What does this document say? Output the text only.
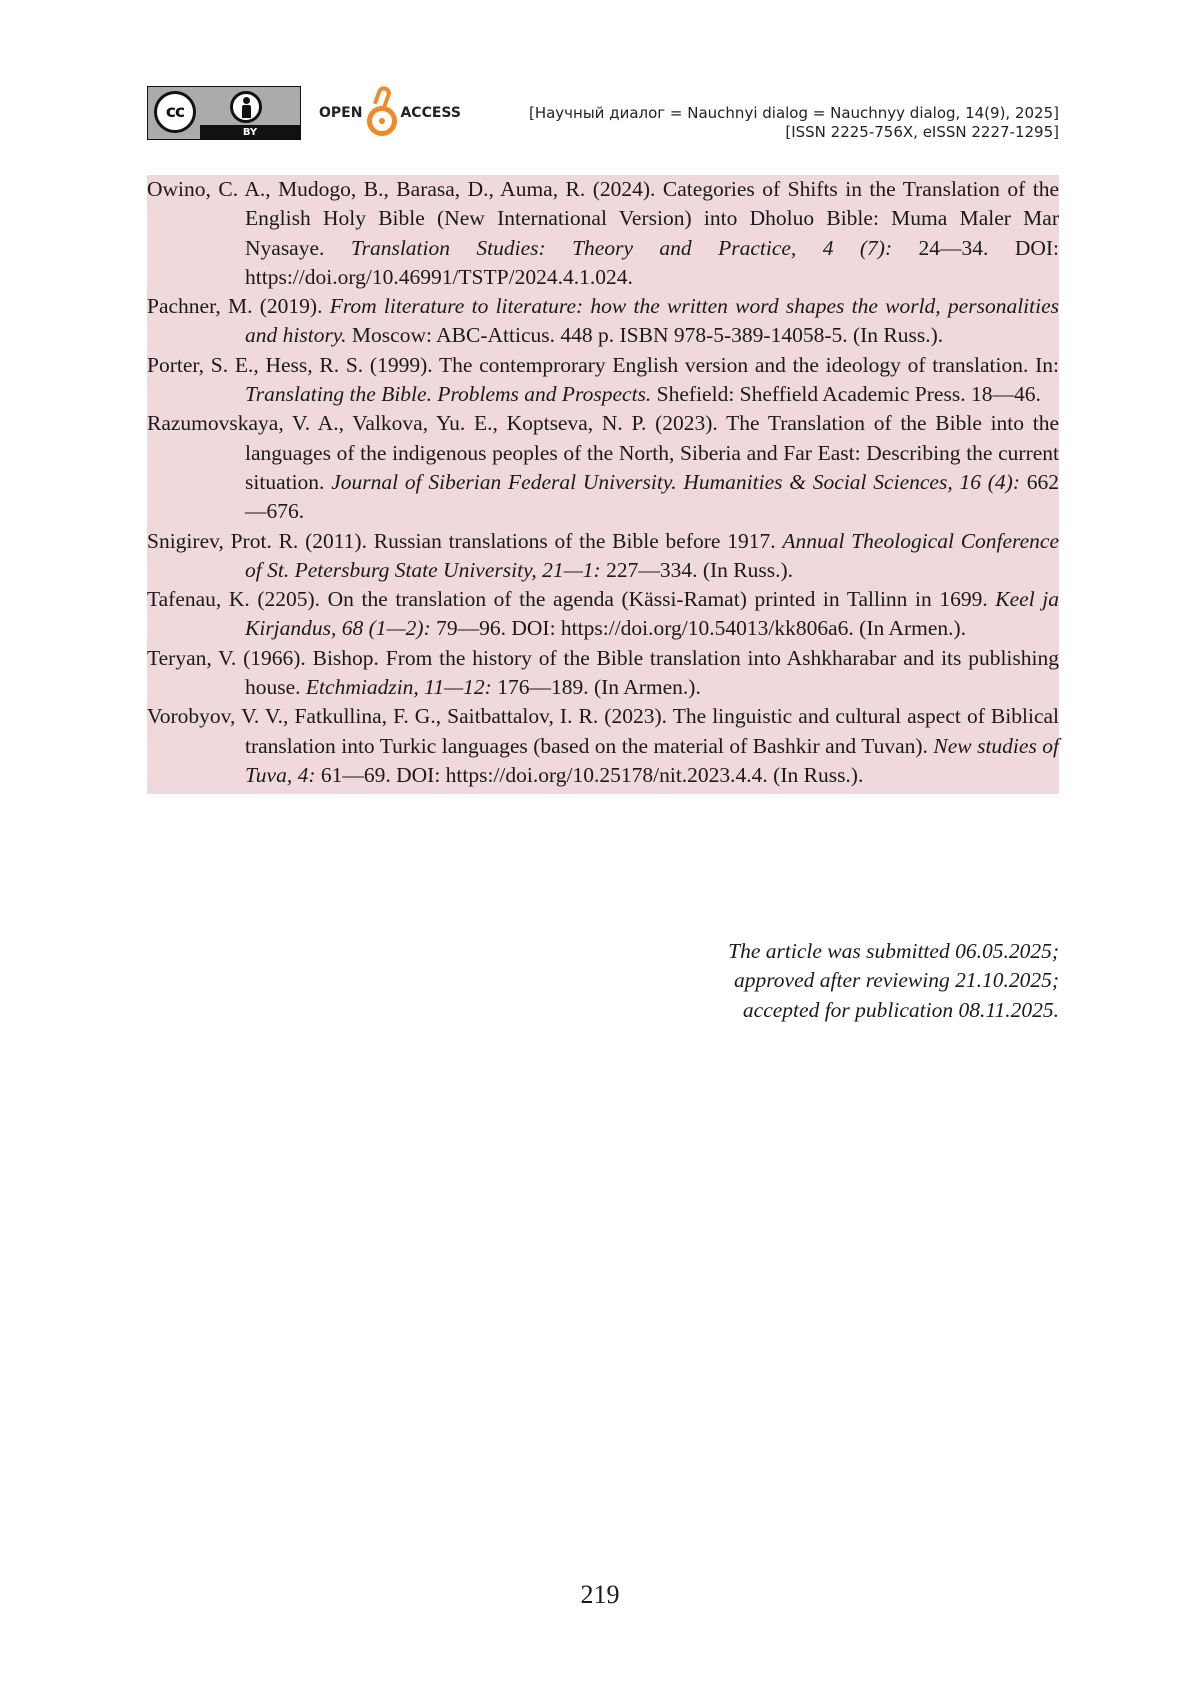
cc
BY
OPEN	ACCESS	[Научный диалог = Nauchnyi dialog = Nauchnyy dialog, 14(9), 2025]
[ISSN 2225-756X, eISSN 2227-1295]

Owino, C. A., Mudogo, B., Barasa, D., Auma, R. (2024). Categories of Shifts in the Translation of the English Holy Bible (New International Version) into Dholuo Bible: Muma Maler Mar Nyasaye. Translation Studies: Theory and Practice, 4 (7): 24—34. DOI: https://doi.org/10.46991/TSTP/2024.4.1.024.

Pachner, M. (2019). From literature to literature: how the written word shapes the world, personalities and history. Moscow: ABC-Atticus. 448 p. ISBN 978-5-389-14058-5. (In Russ.).

Porter, S. E., Hess, R. S. (1999). The contemprorary English version and the ideology of translation. In: Translating the Bible. Problems and Prospects. Shefield: Sheffield Academic Press. 18—46.

Razumovskaya, V. A., Valkova, Yu. E., Koptseva, N. P. (2023). The Translation of the Bible into the languages of the indigenous peoples of the North, Siberia and Far East: Describing the current situation. Journal of Siberian Federal University. Humanities & Social Sciences, 16 (4): 662—676.

Snigirev, Prot. R. (2011). Russian translations of the Bible before 1917. Annual Theological Conference of St. Petersburg State University, 21—1: 227—334. (In Russ.).

Tafenau, K. (2205). On the translation of the agenda (Kässi-Ramat) printed in Tallinn in 1699. Keel ja Kirjandus, 68 (1—2): 79—96. DOI: https://doi.org/10.54013/kk806a6. (In Armen.).

Teryan, V. (1966). Bishop. From the history of the Bible translation into Ashkharabar and its publishing house. Etchmiadzin, 11—12: 176—189. (In Armen.).

Vorobyov, V. V., Fatkullina, F. G., Saitbattalov, I. R. (2023). The linguistic and cultural aspect of Biblical translation into Turkic languages (based on the material of Bashkir and Tuvan). New studies of Tuva, 4: 61—69. DOI: https://doi.org/10.25178/nit.2023.4.4. (In Russ.).

The article was submitted 06.05.2025;
approved after reviewing 21.10.2025;
accepted for publication 08.11.2025.
219
